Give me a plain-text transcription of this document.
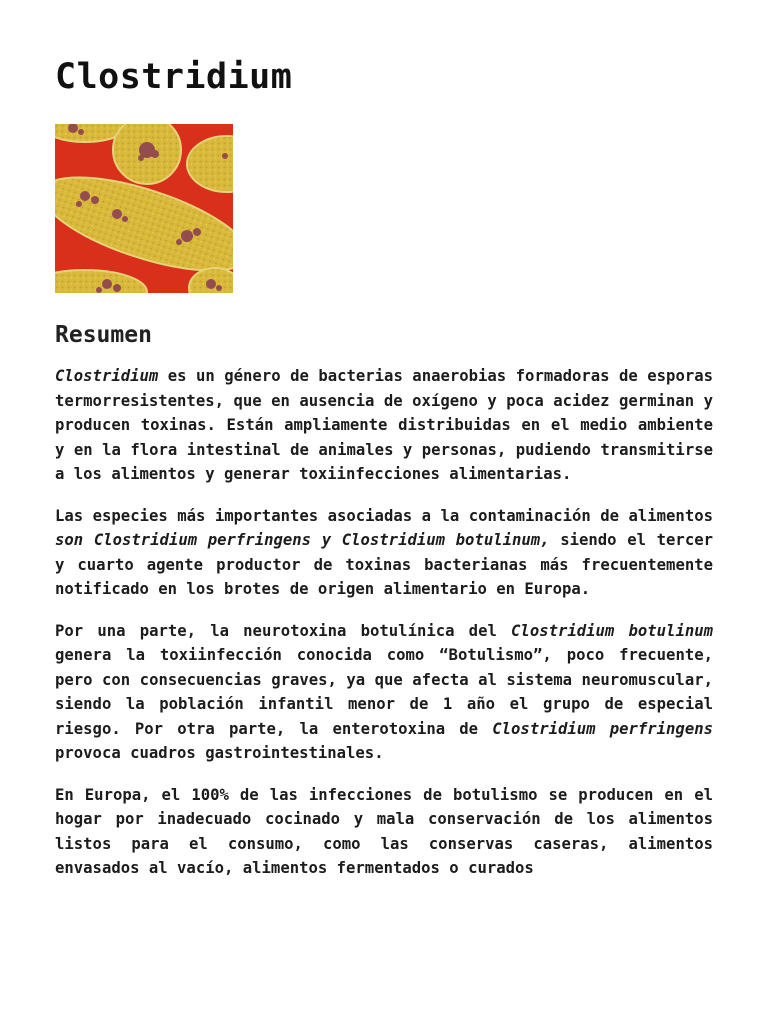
Clostridium
Resumen

Clostridium es un género de bacterias anaerobias formadoras de esporas termorresistentes, que en ausencia de oxígeno y poca acidez germinan y producen toxinas. Están ampliamente distribuidas en el medio ambiente y en la flora intestinal de animales y personas, pudiendo transmitirse a los alimentos y generar toxiinfecciones alimentarias.

Las especies más importantes asociadas a la contaminación de alimentos son Clostridium perfringens y Clostridium botulinum, siendo el tercer y cuarto agente productor de toxinas bacterianas más frecuentemente notificado en los brotes de origen alimentario en Europa.

Por una parte, la neurotoxina botulínica del Clostridium botulinum genera la toxiinfección conocida como “Botulismo”, poco frecuente, pero con consecuencias graves, ya que afecta al sistema neuromuscular, siendo la población infantil menor de 1 año el grupo de especial riesgo. Por otra parte, la enterotoxina de Clostridium perfringens provoca cuadros gastrointestinales.

En Europa, el 100% de las infecciones de botulismo se producen en el hogar por inadecuado cocinado y mala conservación de los alimentos listos para el consumo, como las conservas caseras, alimentos envasados al vacío, alimentos fermentados o curados
